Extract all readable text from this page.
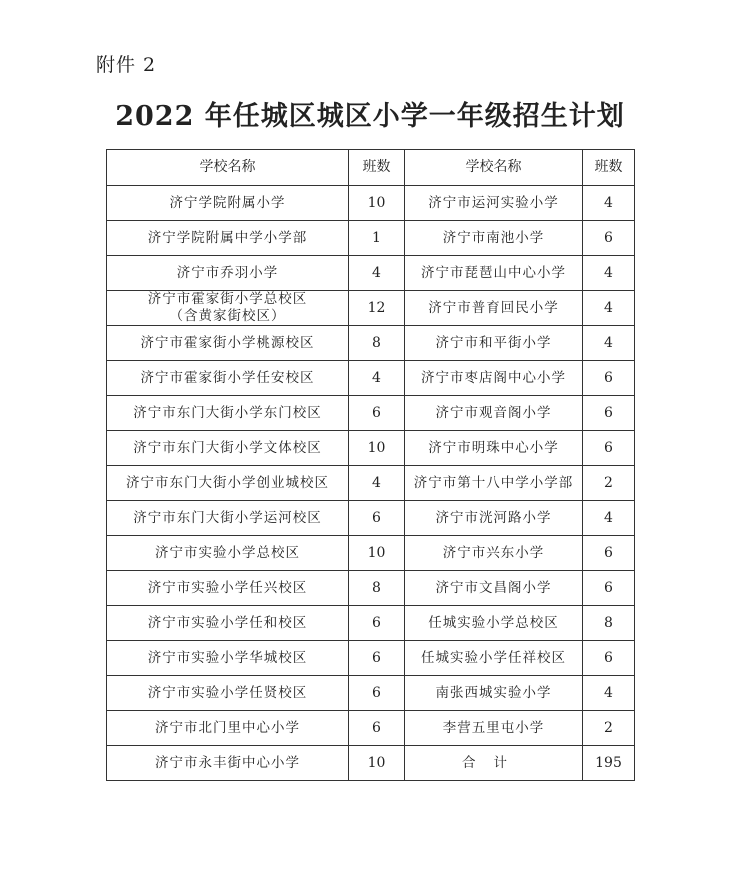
附件 2
2022 年任城区城区小学一年级招生计划
学校名称	班数	学校名称	班数
济宁学院附属小学	10	济宁市运河实验小学	4
济宁学院附属中学小学部	1	济宁市南池小学	6
济宁市乔羽小学	4	济宁市琵琶山中心小学	4

济宁市霍家街小学总校区
（含黄家街校区）	12	济宁市普育回民小学	4
济宁市霍家街小学桃源校区	8	济宁市和平街小学	4
济宁市霍家街小学任安校区	4	济宁市枣店阁中心小学	6
济宁市东门大街小学东门校区	6	济宁市观音阁小学	6
济宁市东门大街小学文体校区	10	济宁市明珠中心小学	6
济宁市东门大街小学创业城校区	4	济宁市第十八中学小学部	2
济宁市东门大街小学运河校区	6	济宁市洸河路小学	4
济宁市实验小学总校区	10	济宁市兴东小学	6
济宁市实验小学任兴校区	8	济宁市文昌阁小学	6
济宁市实验小学任和校区	6	任城实验小学总校区	8
济宁市实验小学华城校区	6	任城实验小学任祥校区	6
济宁市实验小学任贤校区	6	南张西城实验小学	4
济宁市北门里中心小学	6	李营五里屯小学	2
济宁市永丰街中心小学	10	合计	195
